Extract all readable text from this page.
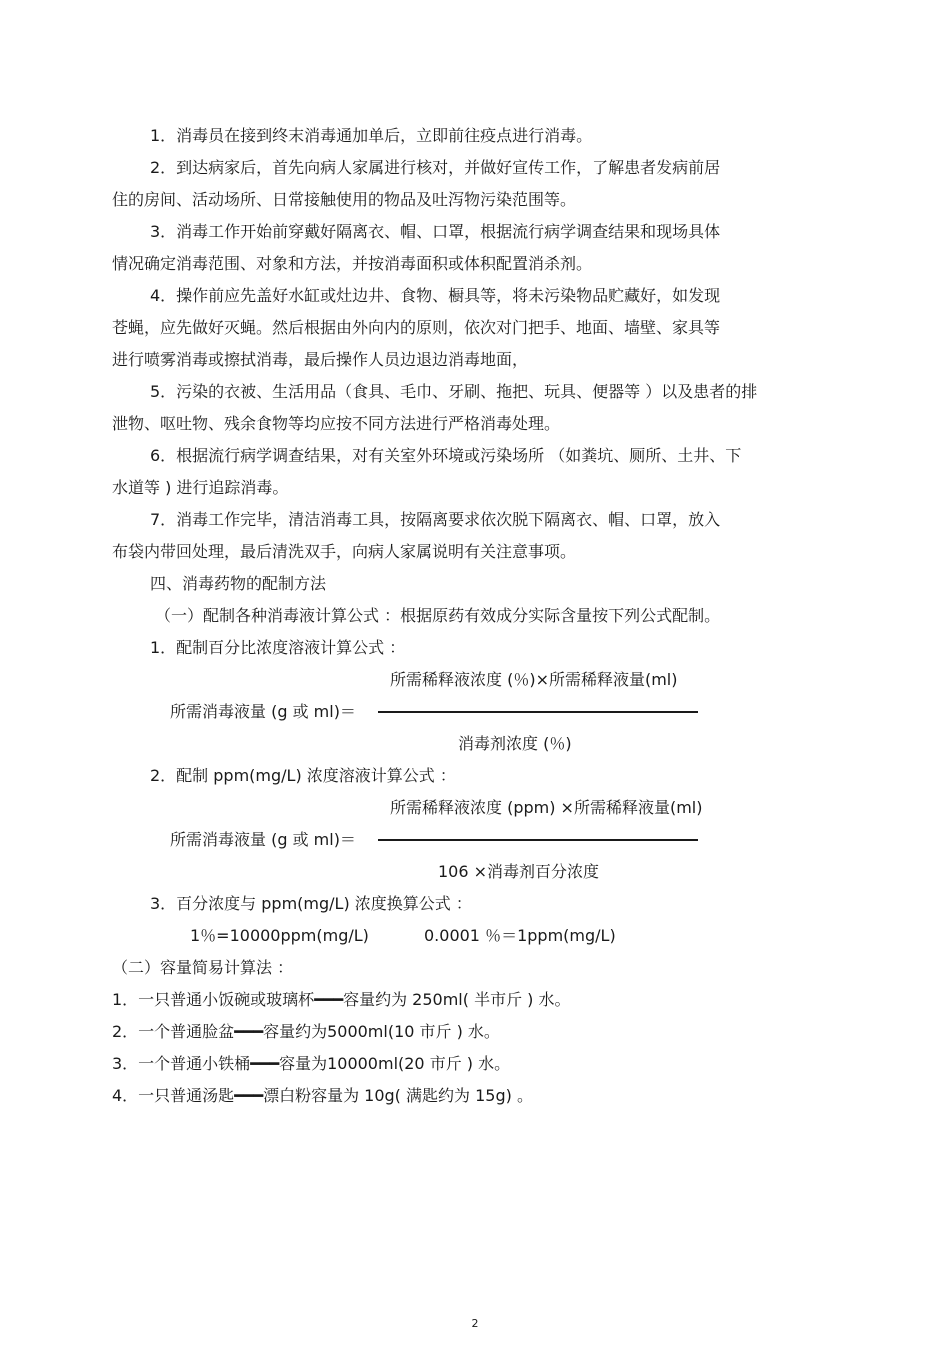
1．消毒员在接到终末消毒通加单后，立即前往疫点进行消毒。
2．到达病家后，首先向病人家属进行核对，并做好宣传工作，了解患者发病前居
住的房间、活动场所、日常接触使用的物品及吐泻物污染范围等。
3．消毒工作开始前穿戴好隔离衣、帽、口罩，根据流行病学调查结果和现场具体
情况确定消毒范围、对象和方法，并按消毒面积或体积配置消杀剂。
4．操作前应先盖好水缸或灶边井、食物、橱具等，将未污染物品贮藏好，如发现
苍蝇，应先做好灭蝇。然后根据由外向内的原则，依次对门把手、地面、墙壁、家具等
进行喷雾消毒或擦拭消毒，最后操作人员边退边消毒地面，
5．污染的衣被、生活用品（食具、毛巾、牙刷、拖把、玩具、便器等 ）以及患者的排
泄物、呕吐物、残余食物等均应按不同方法进行严格消毒处理。
6．根据流行病学调查结果，对有关室外环境或污染场所 （如粪坑、厕所、土井、下
水道等 ) 进行追踪消毒。
7．消毒工作完毕，清洁消毒工具，按隔离要求依次脱下隔离衣、帽、口罩，放入
布袋内带回处理，最后清洗双手，向病人家属说明有关注意事项。
四、消毒药物的配制方法
（一）配制各种消毒液计算公式 ：根据原药有效成分实际含量按下列公式配制。
1．配制百分比浓度溶液计算公式 ：
所需稀释液浓度 (％)×所需稀释液量(ml)
所需消毒液量 (g 或 ml)＝
消毒剂浓度 (％)
2．配制 ppm(mg/L) 浓度溶液计算公式 ：
所需稀释液浓度 (ppm) ×所需稀释液量(ml)
所需消毒液量 (g 或 ml)＝
106 ×消毒剂百分浓度
3．百分浓度与 ppm(mg/L) 浓度换算公式 ：
1％=10000ppm(mg/L)	0.0001 ％＝1ppm(mg/L)
（二）容量简易计算法 ：
1．一只普通小饭碗或玻璃杯━━━容量约为 250ml( 半市斤 ) 水。
2．一个普通脸盆━━━容量约为5000ml(10 市斤 ) 水。
3．一个普通小铁桶━━━容量为10000ml(20 市斤 ) 水。
4．一只普通汤匙━━━漂白粉容量为 10g( 满匙约为 15g) 。
2
